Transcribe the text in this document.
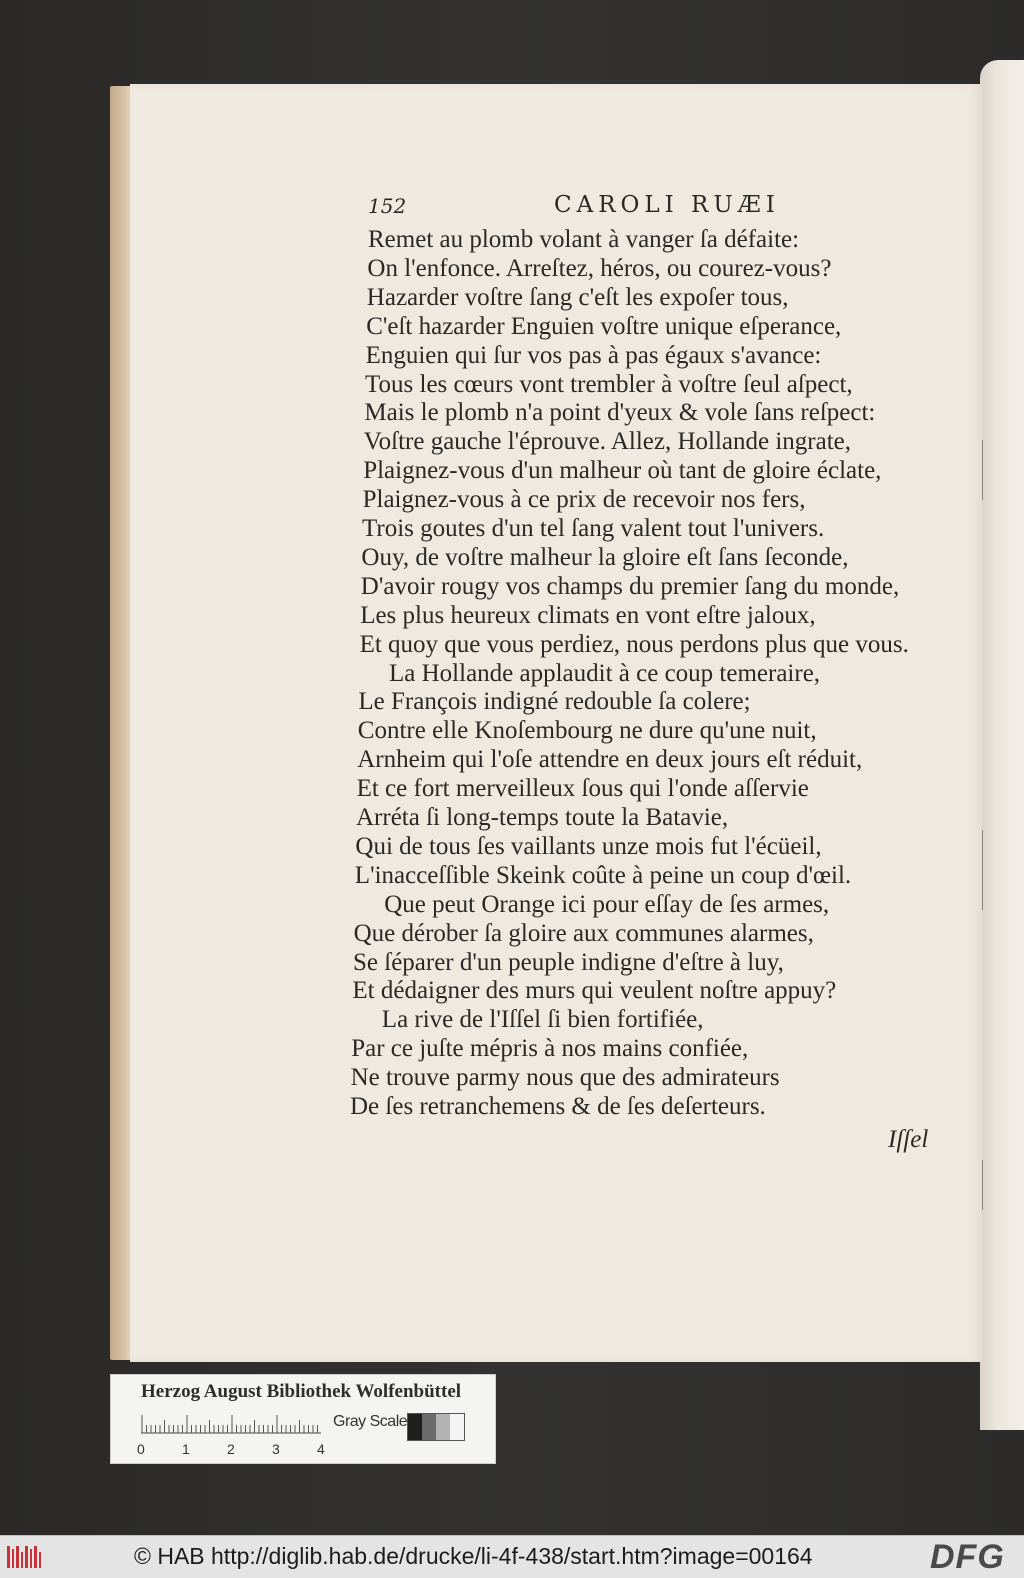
152	CAROLI RUÆI
Remet au plomb volant à vanger ſa défaite:
On l'enfonce. Arreſtez, héros, ou courez-vous?
Hazarder voſtre ſang c'eſt les expoſer tous,
C'eſt hazarder Enguien voſtre unique eſperance,
Enguien qui ſur vos pas à pas égaux s'avance:
Tous les cœurs vont trembler à voſtre ſeul aſpect,
Mais le plomb n'a point d'yeux & vole ſans reſpect:
Voſtre gauche l'éprouve. Allez, Hollande ingrate,
Plaignez-vous d'un malheur où tant de gloire éclate,
Plaignez-vous à ce prix de recevoir nos fers,
Trois goutes d'un tel ſang valent tout l'univers.
Ouy, de voſtre malheur la gloire eſt ſans ſeconde,
D'avoir rougy vos champs du premier ſang du monde,
Les plus heureux climats en vont eſtre jaloux,
Et quoy que vous perdiez, nous perdons plus que vous.
La Hollande applaudit à ce coup temeraire,
Le François indigné redouble ſa colere;
Contre elle Knoſembourg ne dure qu'une nuit,
Arnheim qui l'oſe attendre en deux jours eſt réduit,
Et ce fort merveilleux ſous qui l'onde aſſervie
Arréta ſi long-temps toute la Batavie,
Qui de tous ſes vaillants unze mois fut l'écüeil,
L'inacceſſible Skeink coûte à peine un coup d'œil.
Que peut Orange ici pour eſſay de ſes armes,
Que dérober ſa gloire aux communes alarmes,
Se ſéparer d'un peuple indigne d'eſtre à luy,
Et dédaigner des murs qui veulent noſtre appuy?
La rive de l'Iſſel ſi bien fortifiée,
Par ce juſte mépris à nos mains confiée,
Ne trouve parmy nous que des admirateurs
De ſes retranchemens & de ſes deſerteurs.
Iſſel
Herzog August Bibliothek Wolfenbüttel
0	1	2	3	4
Gray Scale
© HAB http://diglib.hab.de/drucke/li-4f-438/start.htm?image=00164	DFG
